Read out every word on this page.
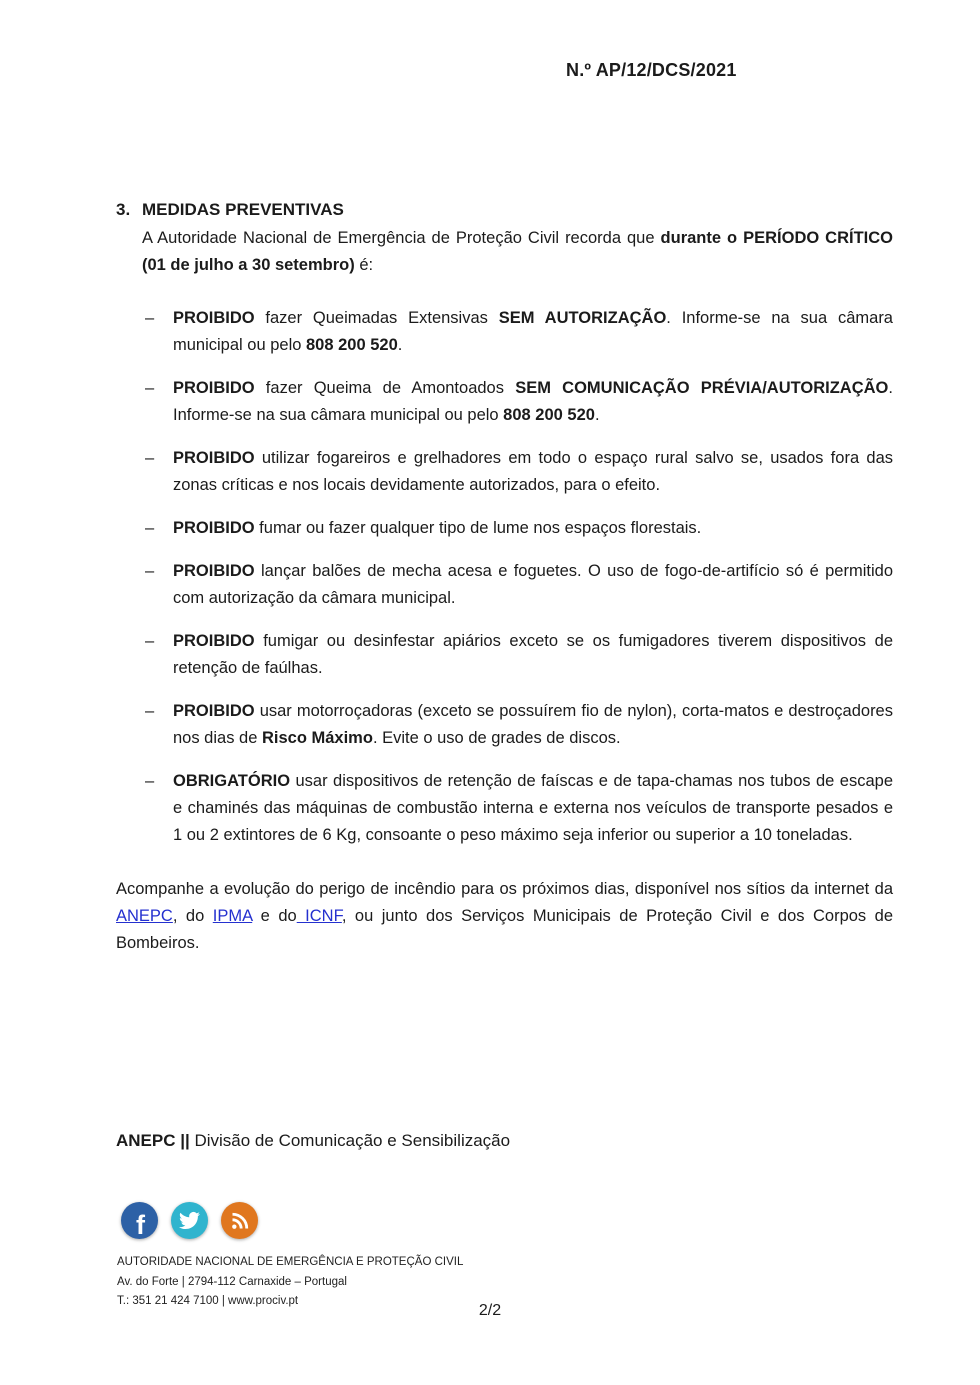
N.º AP/12/DCS/2021
3. MEDIDAS PREVENTIVAS

A Autoridade Nacional de Emergência de Proteção Civil recorda que durante o PERÍODO CRÍTICO (01 de julho a 30 setembro) é:

– PROIBIDO fazer Queimadas Extensivas SEM AUTORIZAÇÃO. Informe-se na sua câmara municipal ou pelo 808 200 520.
– PROIBIDO fazer Queima de Amontoados SEM COMUNICAÇÃO PRÉVIA/AUTORIZAÇÃO. Informe-se na sua câmara municipal ou pelo 808 200 520.
– PROIBIDO utilizar fogareiros e grelhadores em todo o espaço rural salvo se, usados fora das zonas críticas e nos locais devidamente autorizados, para o efeito.
– PROIBIDO fumar ou fazer qualquer tipo de lume nos espaços florestais.
– PROIBIDO lançar balões de mecha acesa e foguetes. O uso de fogo-de-artifício só é permitido com autorização da câmara municipal.
– PROIBIDO fumigar ou desinfestar apiários exceto se os fumigadores tiverem dispositivos de retenção de faúlhas.
– PROIBIDO usar motorroçadoras (exceto se possuírem fio de nylon), corta-matos e destroçadores nos dias de Risco Máximo. Evite o uso de grades de discos.
– OBRIGATÓRIO usar dispositivos de retenção de faíscas e de tapa-chamas nos tubos de escape e chaminés das máquinas de combustão interna e externa nos veículos de transporte pesados e 1 ou 2 extintores de 6 Kg, consoante o peso máximo seja inferior ou superior a 10 toneladas.

Acompanhe a evolução do perigo de incêndio para os próximos dias, disponível nos sítios da internet da ANEPC, do IPMA e do ICNF, ou junto dos Serviços Municipais de Proteção Civil e dos Corpos de Bombeiros.

ANEPC || Divisão de Comunicação e Sensibilização
f
AUTORIDADE NACIONAL DE EMERGÊNCIA E PROTEÇÃO CIVIL
Av. do Forte | 2794-112 Carnaxide – Portugal
T.: 351 21 424 7100 | www.prociv.pt
2/2
